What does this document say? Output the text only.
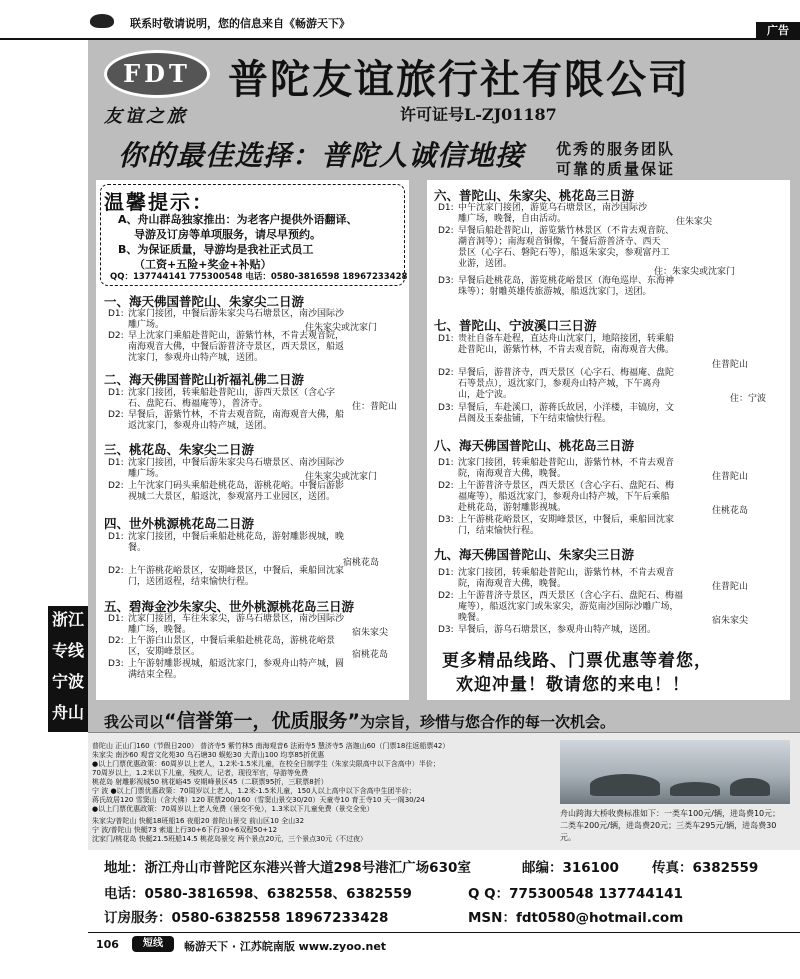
联系时敬请说明，您的信息来自《畅游天下》
广告
FDT 普陀友谊旅行社有限公司
友谊之旅	许可证号L-ZJ01187
你的最佳选择：普陀人诚信地接 优秀的服务团队
可靠的质量保证
温馨提示：
A、舟山群岛独家推出：为老客户提供外语翻译、
导游及订房等单项服务，请尽早预约。
B、为保证质量，导游均是我社正式员工
（工资+五险+奖金+补贴）
QQ：137744141 775300548 电话：0580-3816598 18967233428
一、海天佛国普陀山、朱家尖二日游
D1: 沈家门接团，中餐后游朱家尖乌石塘景区，南沙国际沙
雕广场。	住朱家尖或沈家门
D2: 早上沈家门乘船赴普陀山，游紫竹林，不肯去观音院，
南海观音大佛，中餐后游普济寺景区，西天景区，船返
沈家门，参观舟山特产城，送团。
二、海天佛国普陀山祈福礼佛二日游
D1: 沈家门接团，转乘船赴普陀山，游西天景区（含心字
石、盘陀石、梅福庵等），普济寺。	住：普陀山
D2: 早餐后，游紫竹林，不肯去观音院，南海观音大佛，船
返沈家门，参观舟山特产城，送团。
三、桃花岛、朱家尖二日游
D1: 沈家门接团，中餐后游朱家尖乌石塘景区、南沙国际沙
雕广场。	住朱家尖或沈家门
D2: 上午沈家门码头乘船赴桃花岛，游桃花峪。中餐后游影
视城二大景区，船返沈，参观富丹工业园区，送团。
四、世外桃源桃花岛二日游
D1: 沈家门接团，中餐后乘船赴桃花岛，游射雕影视城，晚
餐。
宿桃花岛
D2: 上午游桃花峪景区，安期峰景区，中餐后，乘船回沈家
门，送团返程，结束愉快行程。
五、碧海金沙朱家尖、世外桃源桃花岛三日游
D1: 沈家门接团，车往朱家尖，游乌石塘景区，南沙国际沙
雕广场，晚餐。	宿朱家尖
D2: 上午游白山景区，中餐后乘船赴桃花岛，游桃花峪景
区，安期峰景区。	宿桃花岛
D3: 上午游射雕影视城，船返沈家门，参观舟山特产城，圆
满结束全程。
六、普陀山、朱家尖、桃花岛三日游
D1: 中午沈家门接团，游览乌石塘景区，南沙国际沙
雕广场，晚餐，自由活动。	住朱家尖
D2: 早餐后船赴普陀山，游览紫竹林景区（不肯去观音院、
潮音洞等）；南海观音铜像，午餐后游普济寺、西天
景区（心字石、磐陀石等），船返朱家尖，参观富丹工
业游，送团。
住：朱家尖或沈家门
D3: 早餐后赴桃花岛，游览桃花峪景区（海龟巡岸、东海神
珠等）；射雕英雄传旅游城，船返沈家门，送团。
七、普陀山、宁波溪口三日游
D1: 贵社自备车赴程，直达舟山沈家门，地陪接团，转乘船
赴普陀山，游紫竹林，不肯去观音院，南海观音大佛。
住普陀山
D2: 早餐后，游普济寺，西天景区（心字石、梅福庵、盘陀
石等景点），返沈家门，参观舟山特产城，下午离舟
山，赴宁波。	住：宁波
D3: 早餐后，车赴溪口，游蒋氏故居，小洋楼，丰镐房，文
昌阁及玉泰盐铺，下午结束愉快行程。
八、海天佛国普陀山、桃花岛三日游
D1: 沈家门接团，转乘船赴普陀山，游紫竹林，不肯去观音
院，南海观音大佛，晚餐。	住普陀山
D2: 上午游普济寺景区，西天景区（含心字石、盘陀石、梅
福庵等），船返沈家门，参观舟山特产城，下午后乘船
赴桃花岛，游射雕影视城。	住桃花岛
D3: 上午游桃花峪景区，安期峰景区，中餐后，乘船回沈家
门，结束愉快行程。
九、海天佛国普陀山、朱家尖三日游
D1: 沈家门接团，转乘船赴普陀山，游紫竹林，不肯去观音
院，南海观音大佛，晚餐。	住普陀山
D2: 上午游普济寺景区，西天景区（含心字石、盘陀石、梅福
庵等），船返沈家门或朱家尖，游览南沙国际沙雕广场，
晚餐。	宿朱家尖
D3: 早餐后，游乌石塘景区，参观舟山特产城，送团。
更多精品线路、门票优惠等着您，
欢迎冲量！敬请您的来电！！
我公司以“信誉第一，优质服务”为宗旨，珍惜与您合作的每一次机会。
浙江
专线
宁波
舟山
普陀山 正山门160（节假日200） 普济寺5 紫竹林5 南海观音6 法雨寺5 慧济寺5 洛迦山60（门票18往返船票42）
朱家尖 南沙60 观音文化苑30 乌石塘30 蜈蚣30 大青山100 均享85折优惠
●以上门票优惠政策：60周岁以上老人，1.2米-1.5米儿童，在校全日制学生（朱家尖限高中以下含高中）半价；
70周岁以上，1.2米以下儿童，残疾人，记者，现役军官，导游等免费
桃花岛 射雕影视城50 桃花峪45 安期峰景区45（二联票95折，三联票8折）
宁 波 ●以上门票优惠政策：70周岁以上老人，1.2米-1.5米儿童，150人以上高中以下含高中生团半价；
蒋氏故居120 雪窦山（含大佛）120 联票200/160（雪窦山景交30/20）天童寺10 育王寺10 天一阁30/24
●以上门票优惠政策：70周岁以上老人免费（景交不免），1.3米以下儿童免费（景交全免）
朱家尖/普陀山 快艇18班船16 夜船20 普陀山景交 前山区10 全山32
宁 波/普陀山 快艇73 索道上行30+6下行30+6双程50+12
沈家门/桃花岛 快艇21.5班船14.5 桃花岛景交 两个景点20元，三个景点30元（不过夜）
舟山跨海大桥收费标准如下：一类车100元/辆，进岛费10元；
二类车200元/辆，进岛费20元；三类车295元/辆，进岛费30元。
地址：浙江舟山市普陀区东港兴普大道298号港汇广场630室	邮编：316100 传真：6382559
电话：0580-3816598、6382558、6382559	Q Q：775300548 137744141
订房服务：0580-6382558 18967233428	MSN：fdt0580@hotmail.com
106	短线	畅游天下 · 江苏皖南版 www.zyoo.net
